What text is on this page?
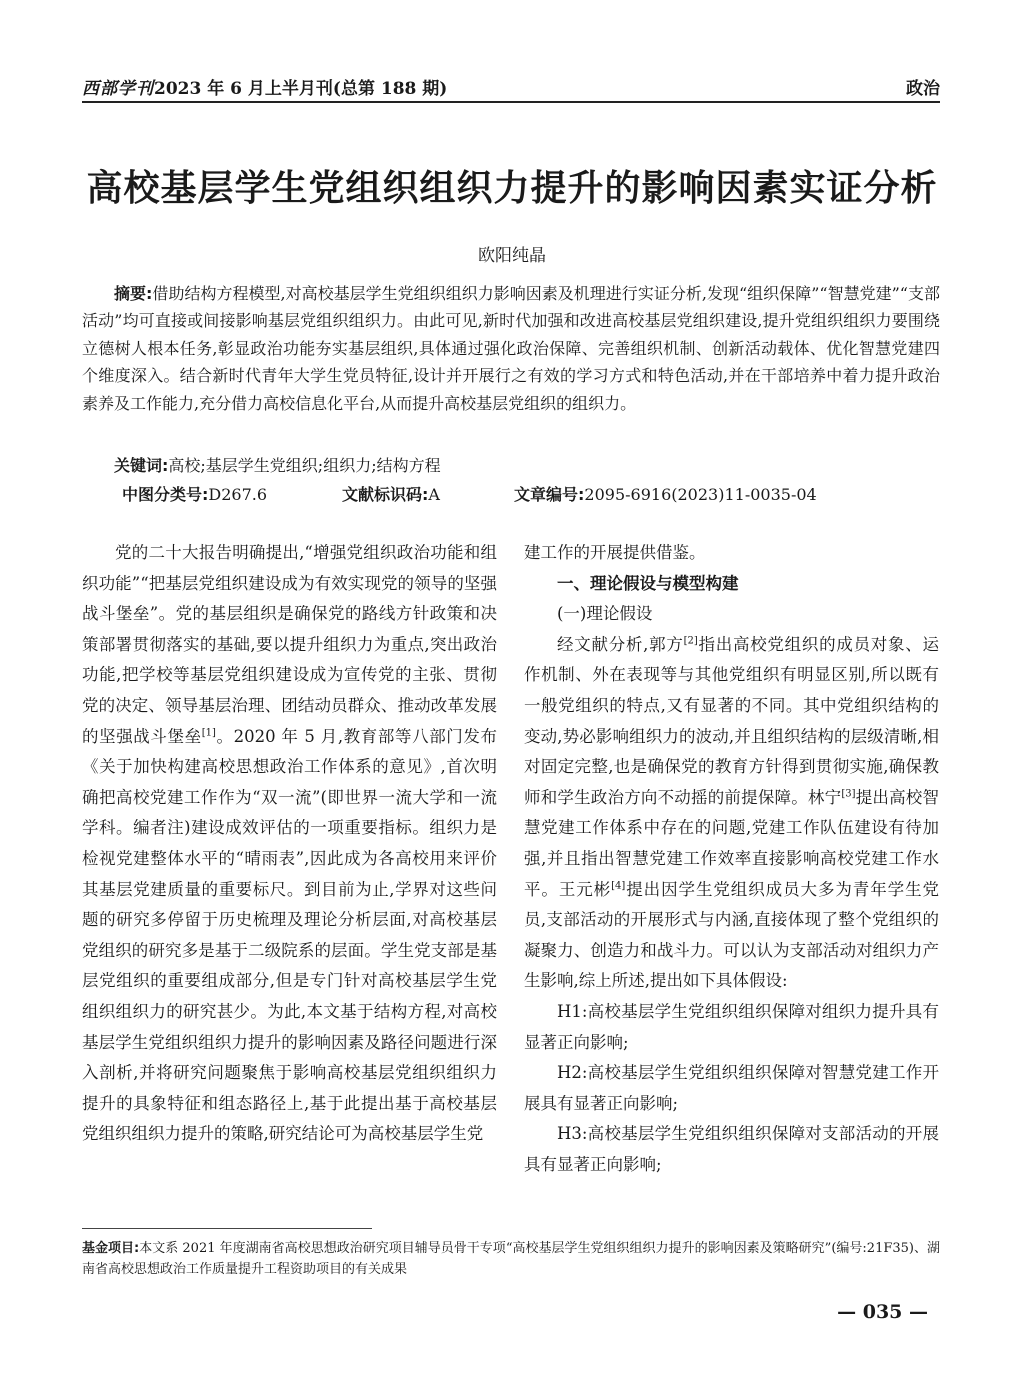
西部学刊2023 年 6 月上半月刊(总第 188 期)	政治
高校基层学生党组织组织力提升的影响因素实证分析
欧阳纯晶
摘要:借助结构方程模型,对高校基层学生党组织组织力影响因素及机理进行实证分析,发现“组织保障”“智慧党建”“支部活动”均可直接或间接影响基层党组织组织力。由此可见,新时代加强和改进高校基层党组织建设,提升党组织组织力要围绕立德树人根本任务,彰显政治功能夯实基层组织,具体通过强化政治保障、完善组织机制、创新活动载体、优化智慧党建四个维度深入。结合新时代青年大学生党员特征,设计并开展行之有效的学习方式和特色活动,并在干部培养中着力提升政治素养及工作能力,充分借力高校信息化平台,从而提升高校基层党组织的组织力。
关键词:高校;基层学生党组织;组织力;结构方程
中图分类号:D267.6	文献标识码:A	文章编号:2095-6916(2023)11-0035-04

党的二十大报告明确提出,“增强党组织政治功能和组织功能”“把基层党组织建设成为有效实现党的领导的坚强战斗堡垒”。党的基层组织是确保党的路线方针政策和决策部署贯彻落实的基础,要以提升组织力为重点,突出政治功能,把学校等基层党组织建设成为宣传党的主张、贯彻党的决定、领导基层治理、团结动员群众、推动改革发展的坚强战斗堡垒[1]。2020 年 5 月,教育部等八部门发布《关于加快构建高校思想政治工作体系的意见》,首次明确把高校党建工作作为“双一流”(即世界一流大学和一流学科。编者注)建设成效评估的一项重要指标。组织力是检视党建整体水平的“晴雨表”,因此成为各高校用来评价其基层党建质量的重要标尺。到目前为止,学界对这些问题的研究多停留于历史梳理及理论分析层面,对高校基层党组织的研究多是基于二级院系的层面。学生党支部是基层党组织的重要组成部分,但是专门针对高校基层学生党组织组织力的研究甚少。为此,本文基于结构方程,对高校基层学生党组织组织力提升的影响因素及路径问题进行深入剖析,并将研究问题聚焦于影响高校基层党组织组织力提升的具象特征和组态路径上,基于此提出基于高校基层党组织组织力提升的策略,研究结论可为高校基层学生党

建工作的开展提供借鉴。

一、理论假设与模型构建

(一)理论假设

经文献分析,郭方[2]指出高校党组织的成员对象、运作机制、外在表现等与其他党组织有明显区别,所以既有一般党组织的特点,又有显著的不同。其中党组织结构的变动,势必影响组织力的波动,并且组织结构的层级清晰,相对固定完整,也是确保党的教育方针得到贯彻实施,确保教师和学生政治方向不动摇的前提保障。林宁[3]提出高校智慧党建工作体系中存在的问题,党建工作队伍建设有待加强,并且指出智慧党建工作效率直接影响高校党建工作水平。王元彬[4]提出因学生党组织成员大多为青年学生党员,支部活动的开展形式与内涵,直接体现了整个党组织的凝聚力、创造力和战斗力。可以认为支部活动对组织力产生影响,综上所述,提出如下具体假设:

H1:高校基层学生党组织组织保障对组织力提升具有显著正向影响;

H2:高校基层学生党组织组织保障对智慧党建工作开展具有显著正向影响;

H3:高校基层学生党组织组织保障对支部活动的开展具有显著正向影响;

基金项目:本文系 2021 年度湖南省高校思想政治研究项目辅导员骨干专项“高校基层学生党组织组织力提升的影响因素及策略研究”(编号:21F35)、湖南省高校思想政治工作质量提升工程资助项目的有关成果
— 035 —
